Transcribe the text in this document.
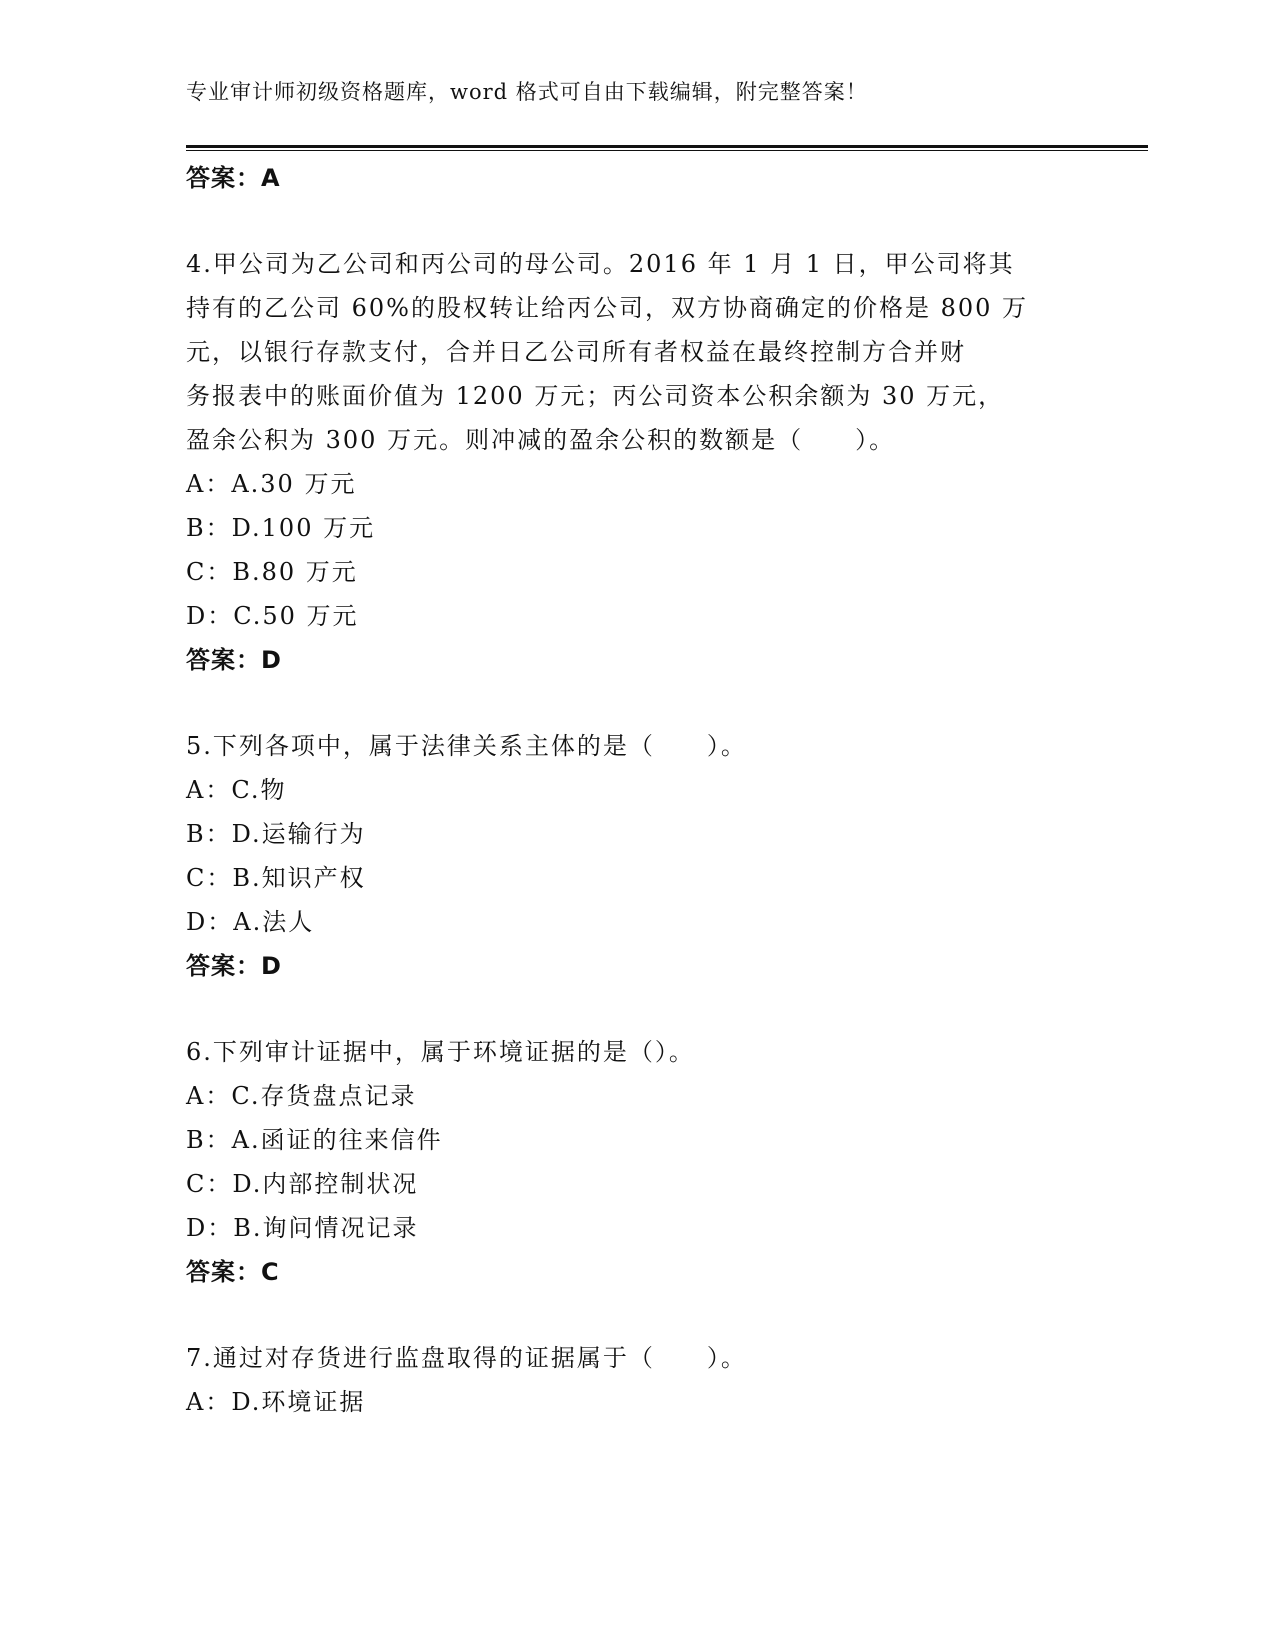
专业审计师初级资格题库，word 格式可自由下载编辑，附完整答案！
答案：A
4.甲公司为乙公司和丙公司的母公司。2016 年 1 月 1 日，甲公司将其
持有的乙公司 60%的股权转让给丙公司，双方协商确定的价格是 800 万
元，以银行存款支付，合并日乙公司所有者权益在最终控制方合并财
务报表中的账面价值为 1200 万元；丙公司资本公积余额为 30 万元，
盈余公积为 300 万元。则冲减的盈余公积的数额是（　　）。
A：A.30 万元
B：D.100 万元
C：B.80 万元
D：C.50 万元
答案：D
5.下列各项中，属于法律关系主体的是（　　）。
A：C.物
B：D.运输行为
C：B.知识产权
D：A.法人
答案：D
6.下列审计证据中，属于环境证据的是（）。
A：C.存货盘点记录
B：A.函证的往来信件
C：D.内部控制状况
D：B.询问情况记录
答案：C
7.通过对存货进行监盘取得的证据属于（　　）。
A：D.环境证据
